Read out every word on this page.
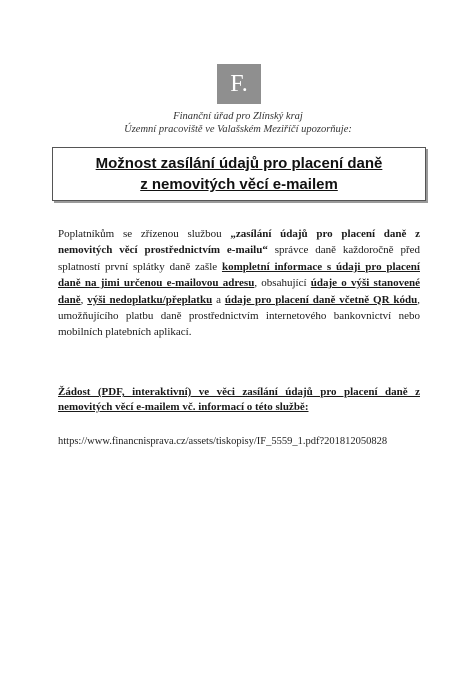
F.
Finanční úřad pro Zlínský kraj
Územní pracoviště ve Valašském Meziříčí upozorňuje:
Možnost zasílání údajů pro placení daně
z nemovitých věcí e-mailem
Poplatníkům se zřízenou službou „zasílání údajů pro placení daně z nemovitých věcí prostřednictvím e-mailu“ správce daně každoročně před splatností první splátky daně zašle kompletní informace s údaji pro placení daně na jimi určenou e-mailovou adresu, obsahující údaje o výši stanovené daně, výši nedoplatku/přeplatku a údaje pro placení daně včetně QR kódu, umožňujícího platbu daně prostřednictvím internetového bankovnictví nebo mobilních platebních aplikací.
Žádost (PDF, interaktivní) ve věci zasílání údajů pro placení daně z nemovitých věcí e-mailem vč. informací o této službě:
https://www.financnisprava.cz/assets/tiskopisy/IF_5559_1.pdf?201812050828
